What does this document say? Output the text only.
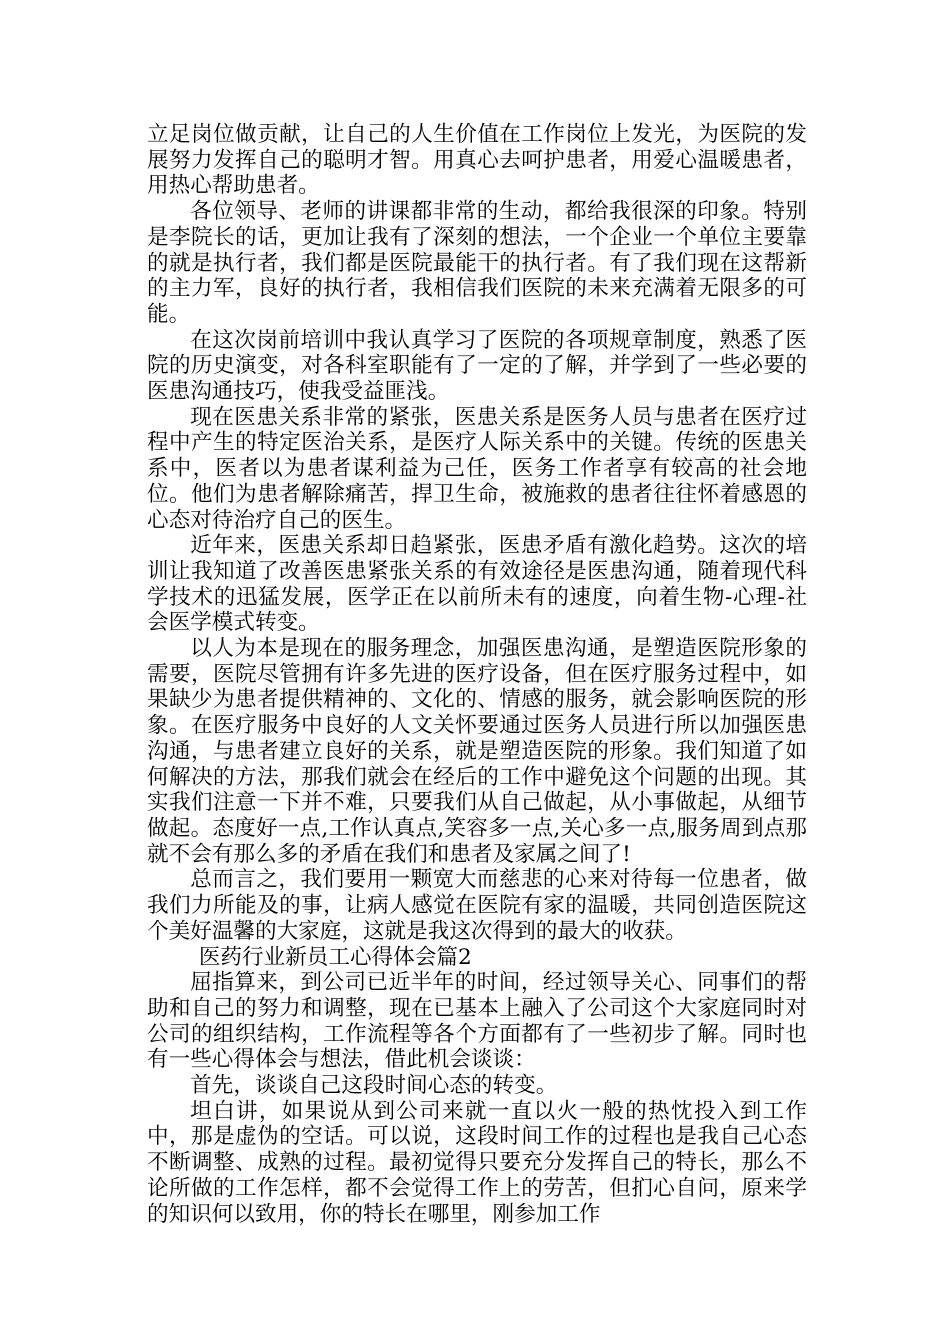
立足岗位做贡献，让自己的人生价值在工作岗位上发光，为医院的发展努力发挥自己的聪明才智。用真心去呵护患者，用爱心温暖患者，用热心帮助患者。

各位领导、老师的讲课都非常的生动，都给我很深的印象。特别是李院长的话，更加让我有了深刻的想法，一个企业一个单位主要靠的就是执行者，我们都是医院最能干的执行者。有了我们现在这帮新的主力军，良好的执行者，我相信我们医院的未来充满着无限多的可能。

在这次岗前培训中我认真学习了医院的各项规章制度，熟悉了医院的历史演变，对各科室职能有了一定的了解，并学到了一些必要的医患沟通技巧，使我受益匪浅。

现在医患关系非常的紧张，医患关系是医务人员与患者在医疗过程中产生的特定医治关系，是医疗人际关系中的关键。传统的医患关系中，医者以为患者谋利益为己任，医务工作者享有较高的社会地位。他们为患者解除痛苦，捍卫生命，被施救的患者往往怀着感恩的心态对待治疗自己的医生。

近年来，医患关系却日趋紧张，医患矛盾有激化趋势。这次的培训让我知道了改善医患紧张关系的有效途径是医患沟通，随着现代科学技术的迅猛发展，医学正在以前所未有的速度，向着生物-心理-社会医学模式转变。

以人为本是现在的服务理念，加强医患沟通，是塑造医院形象的需要，医院尽管拥有许多先进的医疗设备，但在医疗服务过程中，如果缺少为患者提供精神的、文化的、情感的服务，就会影响医院的形象。在医疗服务中良好的人文关怀要通过医务人员进行所以加强医患沟通，与患者建立良好的关系，就是塑造医院的形象。我们知道了如何解决的方法，那我们就会在经后的工作中避免这个问题的出现。其实我们注意一下并不难，只要我们从自己做起，从小事做起，从细节做起。态度好一点,工作认真点,笑容多一点,关心多一点,服务周到点那就不会有那么多的矛盾在我们和患者及家属之间了!

总而言之，我们要用一颗宽大而慈悲的心来对待每一位患者，做我们力所能及的事，让病人感觉在医院有家的温暖，共同创造医院这个美好温馨的大家庭，这就是我这次得到的最大的收获。

医药行业新员工心得体会篇2

屈指算来，到公司已近半年的时间，经过领导关心、同事们的帮助和自己的努力和调整，现在已基本上融入了公司这个大家庭同时对公司的组织结构，工作流程等各个方面都有了一些初步了解。同时也有一些心得体会与想法，借此机会谈谈：

首先，谈谈自己这段时间心态的转变。

坦白讲，如果说从到公司来就一直以火一般的热忱投入到工作中，那是虚伪的空话。可以说，这段时间工作的过程也是我自己心态不断调整、成熟的过程。最初觉得只要充分发挥自己的特长，那么不论所做的工作怎样，都不会觉得工作上的劳苦，但扪心自问，原来学的知识何以致用，你的特长在哪里，刚参加工作
